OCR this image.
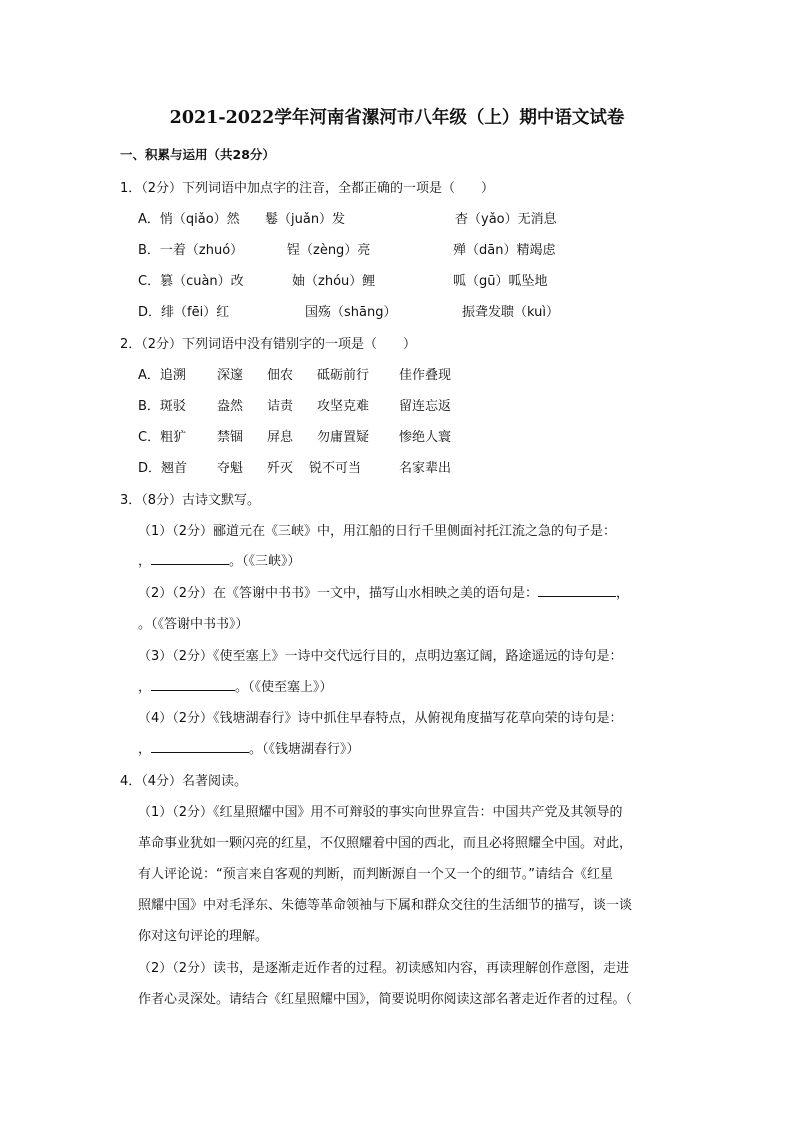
2021-2022学年河南省漯河市八年级（上）期中语文试卷
一、积累与运用（共28分）
1．（2分）下列词语中加点字的注音，全都正确的一项是（　　）
A．悄（qiǎo）然 鬈（juǎn）发	杳（yǎo）无消息
B．一着（zhuó）	锃（zèng）亮	殚（dān）精竭虑
C．篡（cuàn）改	妯（zhóu）鲤	呱（gū）呱坠地
D．绯（fēi）红	国殇（shāng）	振聋发聩（kuì）
2．（2分）下列词语中没有错别字的一项是（　　）
A．追溯 深邃 佃农 砥砺前行 佳作叠现
B．斑驳 盎然 诘责 攻坚克难 留连忘返
C．粗犷 禁锢 屏息 勿庸置疑 惨绝人寰
D．翘首 夺魁 歼灭 锐不可当	名家辈出
3．（8分）古诗文默写。
（1）（2分）郦道元在《三峡》中，用江船的日行千里侧面衬托江流之急的句子是：
，	。（《三峡》）
（2）（2分）在《答谢中书书》一文中，描写山水相映之美的语句是：	，
。（《答谢中书书》）
（3）（2分）《使至塞上》一诗中交代远行目的，点明边塞辽阔，路途遥远的诗句是：
，	。（《使至塞上》）
（4）（2分）《钱塘湖春行》诗中抓住早春特点，从俯视角度描写花草向荣的诗句是：
，	。（《钱塘湖春行》）
4．（4分）名著阅读。
（1）（2分）《红星照耀中国》用不可辩驳的事实向世界宣告：中国共产党及其领导的
革命事业犹如一颗闪亮的红星，不仅照耀着中国的西北，而且必将照耀全中国。对此，
有人评论说：“预言来自客观的判断，而判断源自一个又一个的细节。”请结合《红星
照耀中国》中对毛泽东、朱德等革命领袖与下属和群众交往的生活细节的描写，谈一谈
你对这句评论的理解。
（2）（2分）读书，是逐渐走近作者的过程。初读感知内容，再读理解创作意图，走进
作者心灵深处。请结合《红星照耀中国》，简要说明你阅读这部名著走近作者的过程。（
